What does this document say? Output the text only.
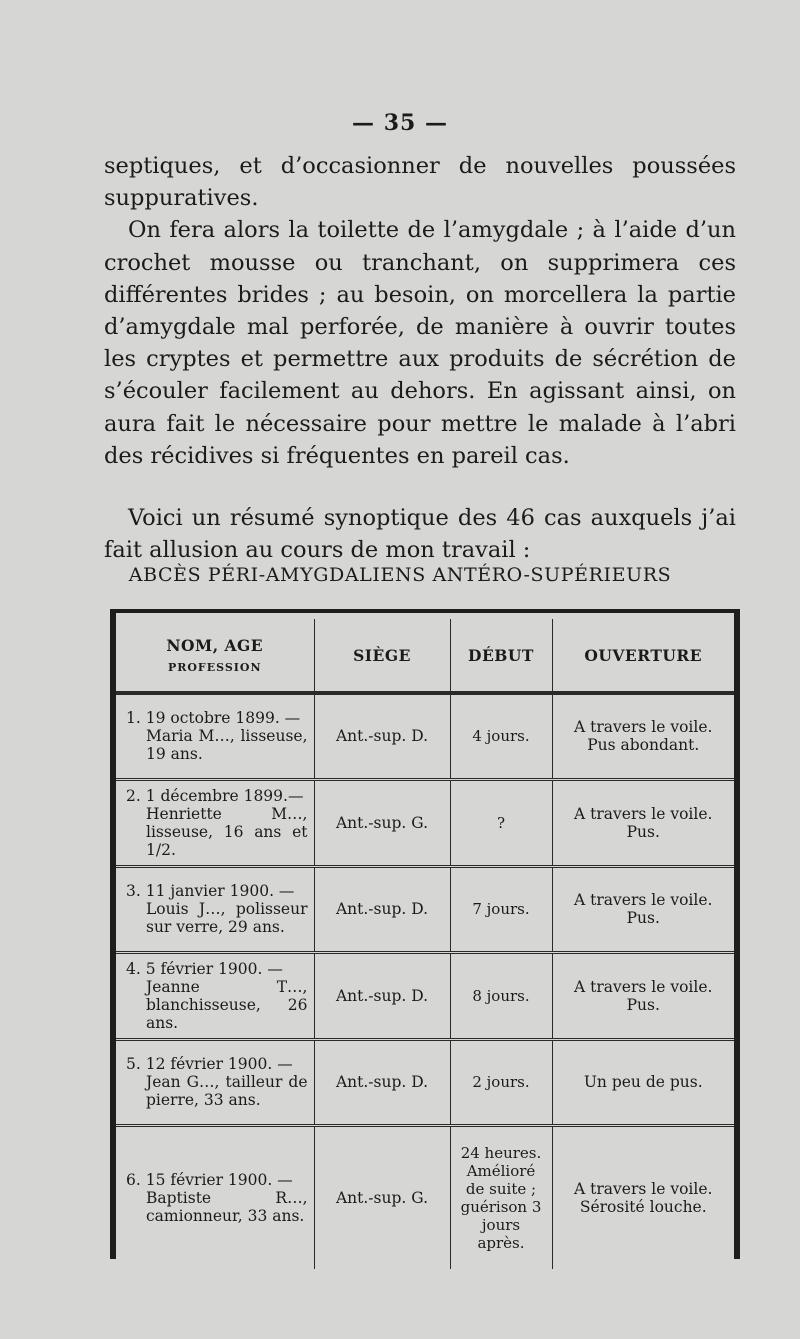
— 35 —

septiques, et d’occasionner de nouvelles poussées suppuratives.

On fera alors la toilette de l’amygdale ; à l’aide d’un crochet mousse ou tranchant, on supprimera ces différentes brides ; au besoin, on morcellera la partie d’amygdale mal perforée, de manière à ouvrir toutes les cryptes et permettre aux produits de sécrétion de s’écouler facilement au dehors. En agissant ainsi, on aura fait le nécessaire pour mettre le malade à l’abri des récidives si fréquentes en pareil cas.

Voici un résumé synoptique des 46 cas auxquels j’ai fait allusion au cours de mon travail :

ABCÈS PÉRI-AMYGDALIENS ANTÉRO-SUPÉRIEURS
NOM, AGE
PROFESSION	SIÈGE	DÉBUT	OUVERTURE

1. 19 octobre 1899. —
Maria M…, lisseuse, 19 ans.	Ant.-sup. D.	4 jours.	A travers le voile. Pus abondant.

2. 1 décembre 1899.—
Henriette M…, lisseuse, 16 ans et 1/2.	Ant.-sup. G.	?	A travers le voile. Pus.

3. 11 janvier 1900. —
Louis J…, polisseur sur verre, 29 ans.	Ant.-sup. D.	7 jours.	A travers le voile. Pus.

4. 5 février 1900. —
Jeanne T…, blanchisseuse, 26 ans.	Ant.-sup. D.	8 jours.	A travers le voile. Pus.

5. 12 février 1900. —
Jean G…, tailleur de pierre, 33 ans.	Ant.-sup. D.	2 jours.	Un peu de pus.

6. 15 février 1900. —
Baptiste R…, camionneur, 33 ans.	Ant.-sup. G.	24 heures. Amélioré de suite ; guérison 3 jours après.	A travers le voile. Sérosité louche.
